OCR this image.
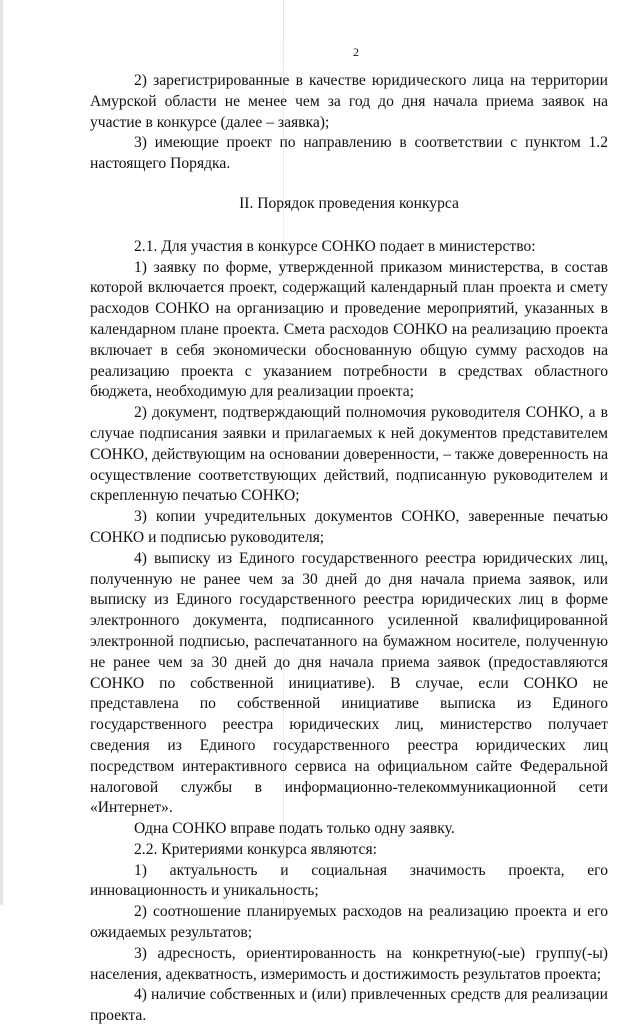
2

2) зарегистрированные в качестве юридического лица на территории Амурской области не менее чем за год до дня начала приема заявок на участие в конкурсе (далее – заявка);

3) имеющие проект по направлению в соответствии с пунктом 1.2 настоящего Порядка.

II. Порядок проведения конкурса

2.1. Для участия в конкурсе СОНКО подает в министерство:

1) заявку по форме, утвержденной приказом министерства, в состав которой включается проект, содержащий календарный план проекта и смету расходов СОНКО на организацию и проведение мероприятий, указанных в календарном плане проекта. Смета расходов СОНКО на реализацию проекта включает в себя экономически обоснованную общую сумму расходов на реализацию проекта с указанием потребности в средствах областного бюджета, необходимую для реализации проекта;

2) документ, подтверждающий полномочия руководителя СОНКО, а в случае подписания заявки и прилагаемых к ней документов представителем СОНКО, действующим на основании доверенности, – также доверенность на осуществление соответствующих действий, подписанную руководителем и скрепленную печатью СОНКО;

3) копии учредительных документов СОНКО, заверенные печатью СОНКО и подписью руководителя;

4) выписку из Единого государственного реестра юридических лиц, полученную не ранее чем за 30 дней до дня начала приема заявок, или выписку из Единого государственного реестра юридических лиц в форме электронного документа, подписанного усиленной квалифицированной электронной подписью, распечатанного на бумажном носителе, полученную не ранее чем за 30 дней до дня начала приема заявок (предоставляются СОНКО по собственной инициативе). В случае, если СОНКО не представлена по собственной инициативе выписка из Единого государственного реестра юридических лиц, министерство получает сведения из Единого государственного реестра юридических лиц посредством интерактивного сервиса на официальном сайте Федеральной налоговой службы в информационно-телекоммуникационной сети «Интернет».

Одна СОНКО вправе подать только одну заявку.

2.2. Критериями конкурса являются:

1) актуальность и социальная значимость проекта, его инновационность и уникальность;

2) соотношение планируемых расходов на реализацию проекта и его ожидаемых результатов;

3) адресность, ориентированность на конкретную(-ые) группу(-ы) населения, адекватность, измеримость и достижимость результатов проекта;

4) наличие собственных и (или) привлеченных средств для реализации проекта.
